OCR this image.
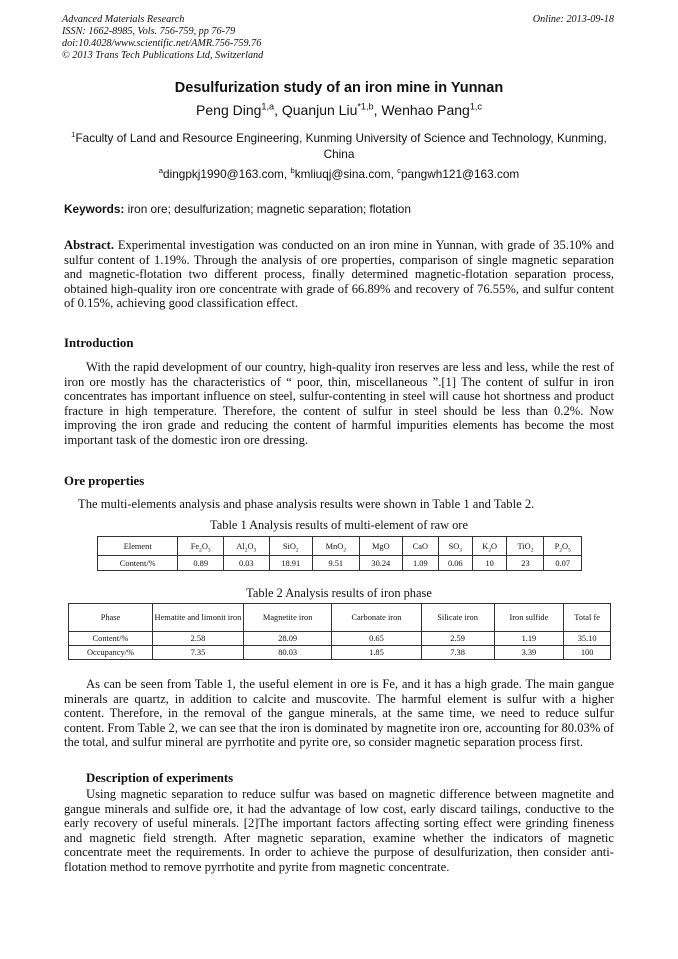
Advanced Materials Research
ISSN: 1662-8985, Vols. 756-759, pp 76-79
doi:10.4028/www.scientific.net/AMR.756-759.76
© 2013 Trans Tech Publications Ltd, Switzerland
Online: 2013-09-18
Desulfurization study of an iron mine in Yunnan
Peng Ding$^{1,a}$, Quanjun Liu$^{*1,b}$, Wenhao Pang$^{1,c}$
$^1$Faculty of Land and Resource Engineering, Kunming University of Science and Technology, Kunming, China
$^a$dingpkj1990@163.com, $^b$kmliuqj@sina.com, $^c$pangwh121@163.com
Keywords: iron ore; desulfurization; magnetic separation; flotation
Abstract. Experimental investigation was conducted on an iron mine in Yunnan, with grade of 35.10% and sulfur content of 1.19%. Through the analysis of ore properties, comparison of single magnetic separation and magnetic-flotation two different process, finally determined magnetic-flotation separation process, obtained high-quality iron ore concentrate with grade of 66.89% and recovery of 76.55%, and sulfur content of 0.15%, achieving good classification effect.
Introduction
With the rapid development of our country, high-quality iron reserves are less and less, while the rest of iron ore mostly has the characteristics of “ poor, thin, miscellaneous ”.[1] The content of sulfur in iron concentrates has important influence on steel, sulfur-contenting in steel will cause hot shortness and product fracture in high temperature. Therefore, the content of sulfur in steel should be less than 0.2%. Now improving the iron grade and reducing the content of harmful impurities elements has become the most important task of the domestic iron ore dressing.
Ore properties
The multi-elements analysis and phase analysis results were shown in Table 1 and Table 2.
Table 1 Analysis results of multi-element of raw ore
Element	$Fe_2O_3$	$Al_2O_3$	SiO$_2$	MnO$_2$	MgO	CaO	$SO_3$	$K_2O$	TiO$_2$	$P_2O_5$
Content/%	0.89	0.03	18.91	9.51	30.24	1.09	0.06	10	23	0.07
Table 2 Analysis results of iron phase
Phase	Hematite and limonit iron	Magnetite iron	Carbonate iron	Silicate iron	Iron sulfide	Total fe
Content/%	2.58	28.09	0.65	2.59	1.19	35.10
Occupancy/%	7.35	80.03	1.85	7.38	3.39	100
As can be seen from Table 1, the useful element in ore is Fe, and it has a high grade. The main gangue minerals are quartz, in addition to calcite and muscovite. The harmful element is sulfur with a higher content. Therefore, in the removal of the gangue minerals, at the same time, we need to reduce sulfur content. From Table 2, we can see that the iron is dominated by magnetite iron ore, accounting for 80.03% of the total, and sulfur mineral are pyrrhotite and pyrite ore, so consider magnetic separation process first.
Description of experiments
Using magnetic separation to reduce sulfur was based on magnetic difference between magnetite and gangue minerals and sulfide ore, it had the advantage of low cost, early discard tailings, conductive to the early recovery of useful minerals. [2]The important factors affecting sorting effect were grinding fineness and magnetic field strength. After magnetic separation, examine whether the indicators of magnetic concentrate meet the requirements. In order to achieve the purpose of desulfurization, then consider anti-flotation method to remove pyrrhotite and pyrite from magnetic concentrate.
